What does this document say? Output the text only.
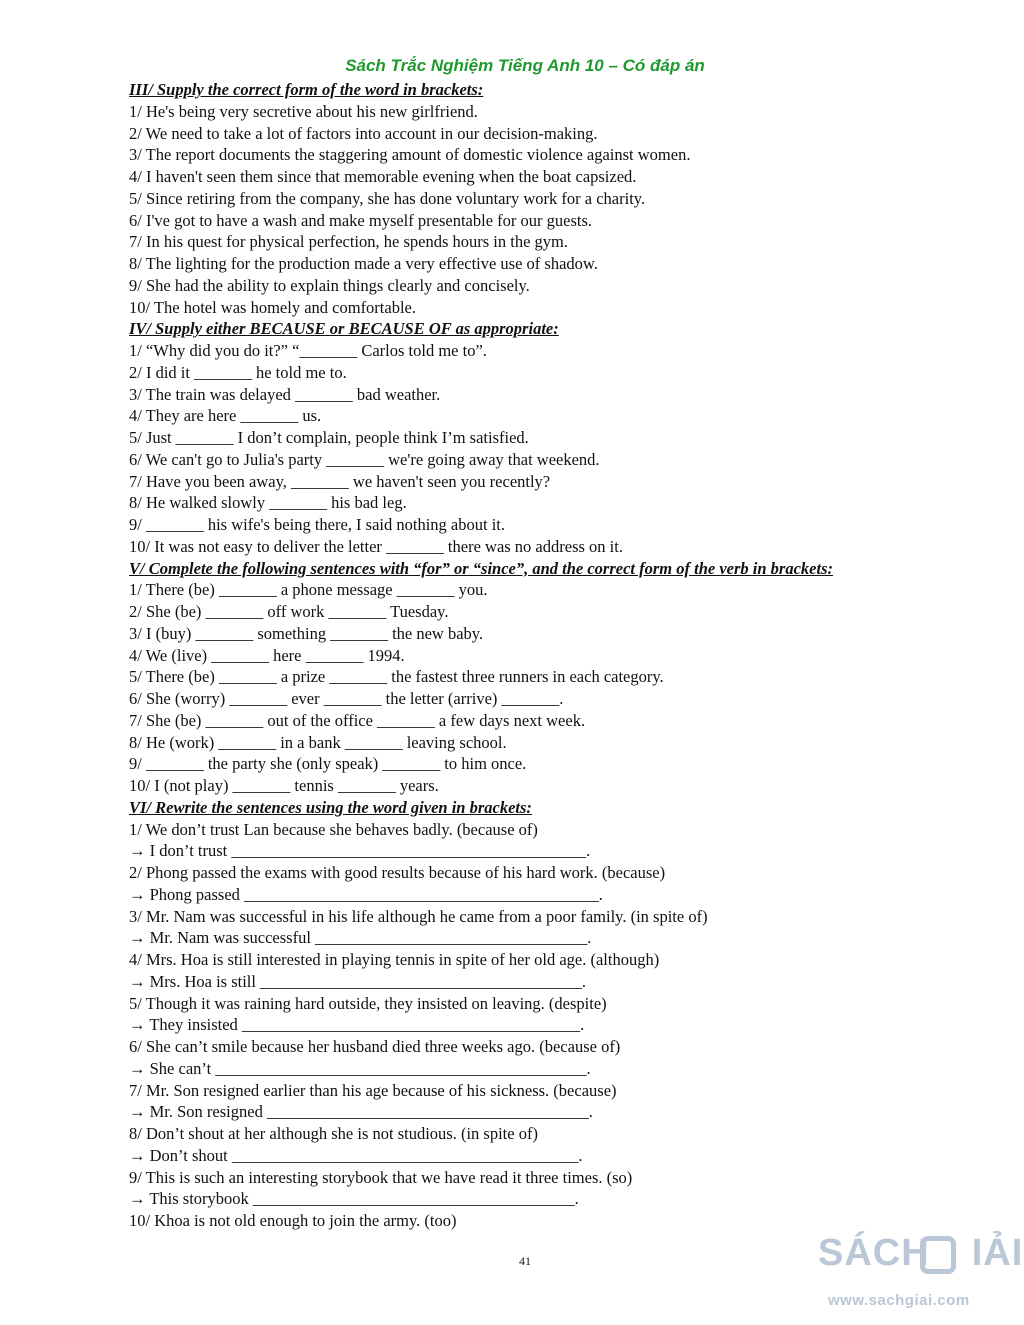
Sách Trắc Nghiệm Tiếng Anh 10 – Có đáp án
III/ Supply the correct form of the word in brackets:
1/ He's being very secretive about his new girlfriend.
2/ We need to take a lot of factors into account in our decision-making.
3/ The report documents the staggering amount of domestic violence against women.
4/ I haven't seen them since that memorable evening when the boat capsized.
5/ Since retiring from the company, she has done voluntary work for a charity.
6/ I've got to have a wash and make myself presentable for our guests.
7/ In his quest for physical perfection, he spends hours in the gym.
8/ The lighting for the production made a very effective use of shadow.
9/ She had the ability to explain things clearly and concisely.
10/ The hotel was homely and comfortable.
IV/ Supply either BECAUSE or BECAUSE OF as appropriate:
1/ “Why did you do it?” “_______ Carlos told me to”.
2/ I did it _______ he told me to.
3/ The train was delayed _______ bad weather.
4/ They are here _______ us.
5/ Just _______ I don’t complain, people think I’m satisfied.
6/ We can't go to Julia's party _______ we're going away that weekend.
7/ Have you been away, _______ we haven't seen you recently?
8/ He walked slowly _______ his bad leg.
9/ _______ his wife's being there, I said nothing about it.
10/ It was not easy to deliver the letter _______ there was no address on it.
V/ Complete the following sentences with “for” or “since”, and the correct form of the verb in brackets:
1/ There (be) _______ a phone message _______ you.
2/ She (be) _______ off work _______ Tuesday.
3/ I (buy) _______ something _______ the new baby.
4/ We (live) _______ here _______ 1994.
5/ There (be) _______ a prize _______ the fastest three runners in each category.
6/ She (worry) _______ ever _______ the letter (arrive) _______.
7/ She (be) _______ out of the office _______ a few days next week.
8/ He (work) _______ in a bank _______ leaving school.
9/ _______ the party she (only speak) _______ to him once.
10/ I (not play) _______ tennis _______ years.
VI/ Rewrite the sentences using the word given in brackets:
1/ We don’t trust Lan because she behaves badly. (because of)
→ I don’t trust ___________________________________________.
2/ Phong passed the exams with good results because of his hard work. (because)
→ Phong passed ___________________________________________.
3/ Mr. Nam was successful in his life although he came from a poor family. (in spite of)
→ Mr. Nam was successful _________________________________.
4/ Mrs. Hoa is still interested in playing tennis in spite of her old age. (although)
→ Mrs. Hoa is still _______________________________________.
5/ Though it was raining hard outside, they insisted on leaving. (despite)
→ They insisted _________________________________________.
6/ She can’t smile because her husband died three weeks ago. (because of)
→ She can’t _____________________________________________.
7/ Mr. Son resigned earlier than his age because of his sickness. (because)
→ Mr. Son resigned _______________________________________.
8/ Don’t shout at her although she is not studious. (in spite of)
→ Don’t shout __________________________________________.
9/ This is such an interesting storybook that we have read it three times. (so)
→ This storybook _______________________________________.
10/ Khoa is not old enough to join the army. (too)
41	SÁCH IẢI
www.sachgiai.com
